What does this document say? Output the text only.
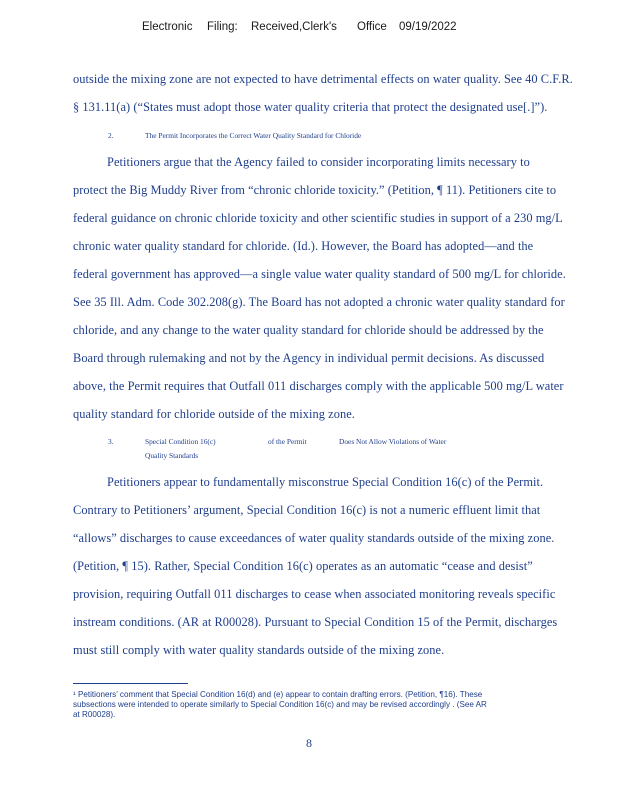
Electronic Filing: Received,Clerk's Office 09/19/2022
outside the mixing zone are not expected to have detrimental effects on water quality. See 40 C.F.R.
§ 131.11(a) (“States must adopt those water quality criteria that protect the designated use[.]”).
2.	The Permit Incorporates the Correct Water Quality Standard for Chloride
Petitioners argue that the Agency failed to consider incorporating limits necessary to
protect the Big Muddy River from “chronic chloride toxicity.” (Petition, ¶ 11). Petitioners cite to
federal guidance on chronic chloride toxicity and other scientific studies in support of a 230 mg/L
chronic water quality standard for chloride. (Id.). However, the Board has adopted—and the
federal government has approved—a single value water quality standard of 500 mg/L for chloride.
See 35 Ill. Adm. Code 302.208(g). The Board has not adopted a chronic water quality standard for
chloride, and any change to the water quality standard for chloride should be addressed by the
Board through rulemaking and not by the Agency in individual permit decisions. As discussed
above, the Permit requires that Outfall 011 discharges comply with the applicable 500 mg/L water
quality standard for chloride outside of the mixing zone.
3.	Special Condition 16(c)	of the Permit	Does Not Allow Violations of Water
Quality Standards
Petitioners appear to fundamentally misconstrue Special Condition 16(c) of the Permit.
Contrary to Petitioners’ argument, Special Condition 16(c) is not a numeric effluent limit that
“allows” discharges to cause exceedances of water quality standards outside of the mixing zone.
(Petition, ¶ 15). Rather, Special Condition 16(c) operates as an automatic “cease and desist”
provision, requiring Outfall 011 discharges to cease when associated monitoring reveals specific
instream conditions. (AR at R00028). Pursuant to Special Condition 15 of the Permit, discharges
must still comply with water quality standards outside of the mixing zone.
¹ Petitioners’ comment that Special Condition 16(d) and (e) appear to contain drafting errors. (Petition, ¶16). These
subsections were intended to operate similarly to Special Condition 16(c) and may be revised accordingly . (See AR
at R00028).
8
